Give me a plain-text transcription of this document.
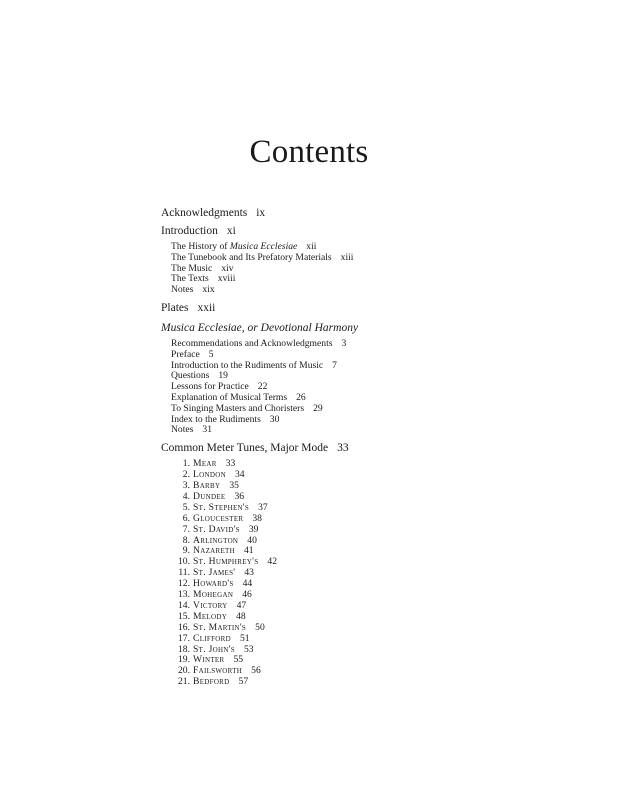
Contents
Acknowledgments ix
Introduction xi
The History of Musica Ecclesiae xii
The Tunebook and Its Prefatory Materials xiii
The Music xiv
The Texts xviii
Notes xix
Plates xxii
Musica Ecclesiae, or Devotional Harmony
Recommendations and Acknowledgments 3
Preface 5
Introduction to the Rudiments of Music 7
Questions 19
Lessons for Practice 22
Explanation of Musical Terms 26
To Singing Masters and Choristers 29
Index to the Rudiments 30
Notes 31
Common Meter Tunes, Major Mode 33
1. Mear 33
2. London 34
3. Barby 35
4. Dundee 36
5. St. Stephen's 37
6. Gloucester 38
7. St. David's 39
8. Arlington 40
9. Nazareth 41
10. St. Humphrey's 42
11. St. James' 43
12. Howard's 44
13. Mohegan 46
14. Victory 47
15. Melody 48
16. St. Martin's 50
17. Clifford 51
18. St. John's 53
19. Winter 55
20. Failsworth 56
21. Bedford 57
